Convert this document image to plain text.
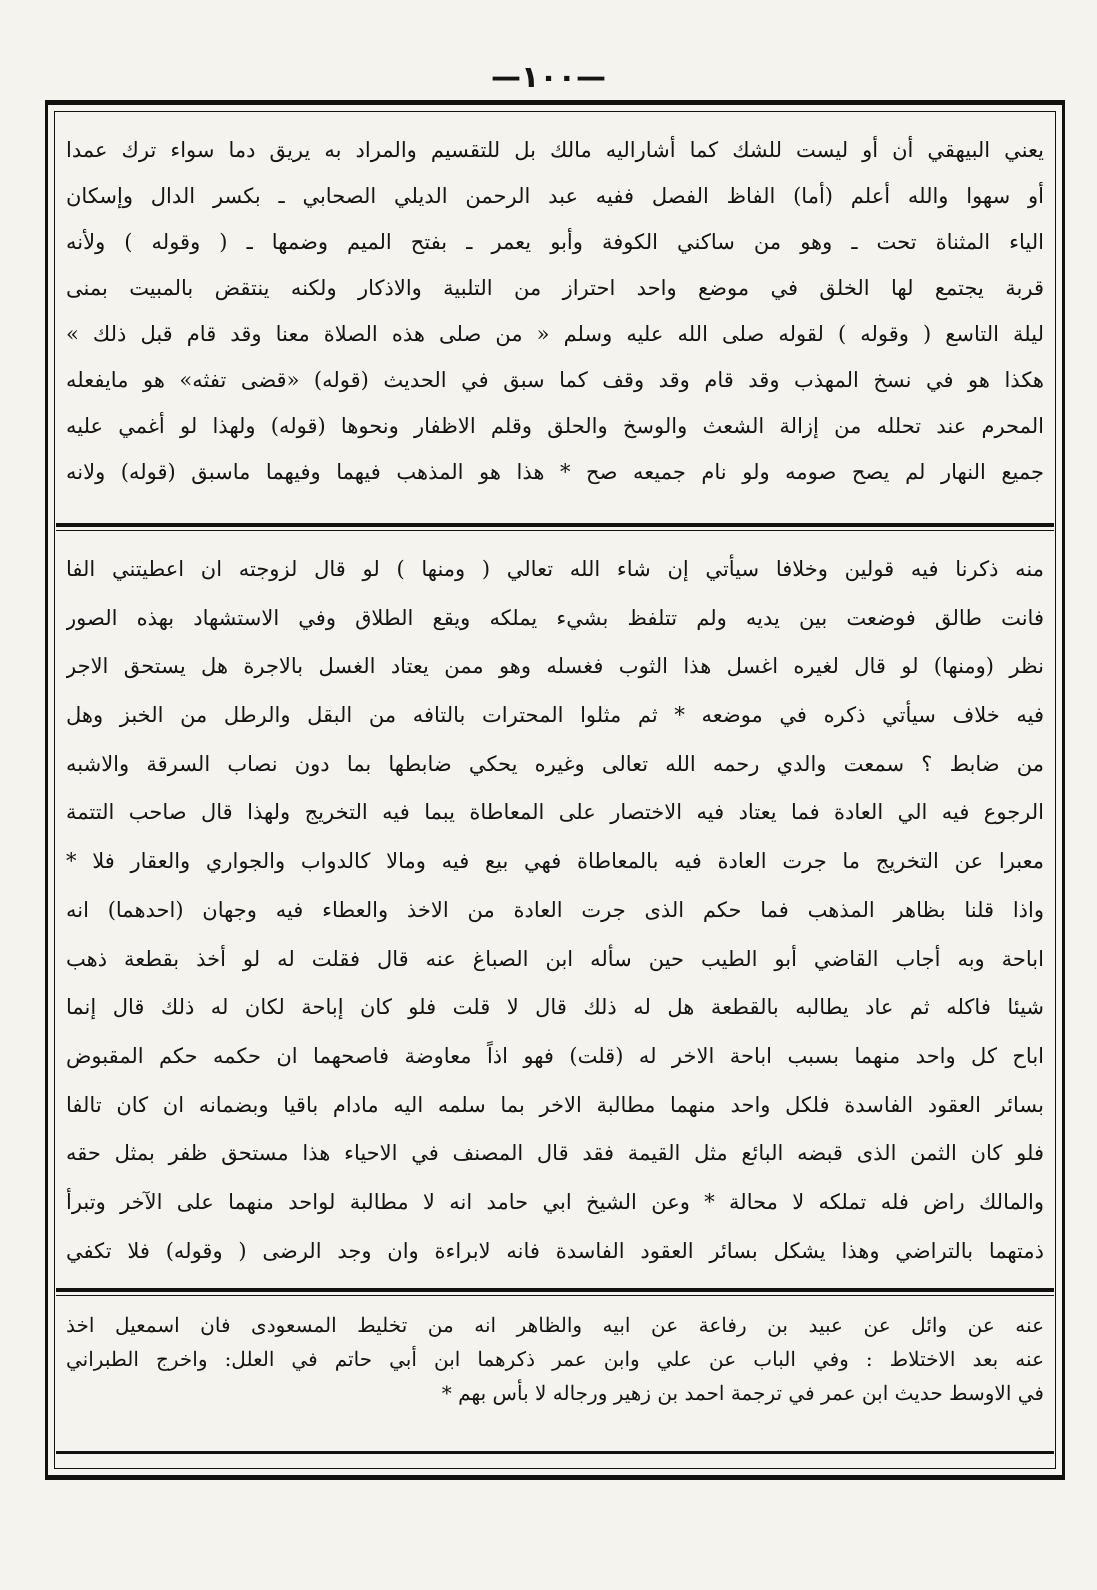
—١٠٠—
يعني البيهقي أن أو ليست للشك كما أشاراليه مالك بل للتقسيم والمراد به يريق دما سواء ترك عمدا
أو سهوا والله أعلم (أما) الفاظ الفصل ففيه عبد الرحمن الديلي الصحابي ـ بكسر الدال وإسكان
الياء المثناة تحت ـ وهو من ساكني الكوفة وأبو يعمر ـ بفتح الميم وضمها ـ ( وقوله ) ولأنه
قربة يجتمع لها الخلق في موضع واحد احتراز من التلبية والاذكار ولكنه ينتقض بالمبيت بمنى
ليلة التاسع ( وقوله ) لقوله صلى الله عليه وسلم « من صلى هذه الصلاة معنا وقد قام قبل ذلك »
هكذا هو في نسخ المهذب وقد قام وقد وقف كما سبق في الحديث (قوله) «قضى تفثه» هو مايفعله
المحرم عند تحلله من إزالة الشعث والوسخ والحلق وقلم الاظفار ونحوها (قوله) ولهذا لو أغمي عليه
جميع النهار لم يصح صومه ولو نام جميعه صح * هذا هو المذهب فيهما وفيهما ماسبق (قوله) ولانه
منه ذكرنا فيه قولين وخلافا سيأتي إن شاء الله تعالي ( ومنها ) لو قال لزوجته ان اعطيتني الفا
فانت طالق فوضعت بين يديه ولم تتلفظ بشيء يملكه ويقع الطلاق وفي الاستشهاد بهذه الصور
نظر (ومنها) لو قال لغيره اغسل هذا الثوب فغسله وهو ممن يعتاد الغسل بالاجرة هل يستحق الاجر
فيه خلاف سيأتي ذكره في موضعه * ثم مثلوا المحترات بالتافه من البقل والرطل من الخبز وهل
من ضابط ؟ سمعت والدي رحمه الله تعالى وغيره يحكي ضابطها بما دون نصاب السرقة والاشبه
الرجوع فيه الي العادة فما يعتاد فيه الاختصار على المعاطاة يبما فيه التخريج ولهذا قال صاحب التتمة
معبرا عن التخريج ما جرت العادة فيه بالمعاطاة فهي بيع فيه ومالا كالدواب والجواري والعقار فلا *
واذا قلنا بظاهر المذهب فما حكم الذى جرت العادة من الاخذ والعطاء فيه وجهان (احدهما) انه
اباحة وبه أجاب القاضي أبو الطيب حين سأله ابن الصباغ عنه قال فقلت له لو أخذ بقطعة ذهب
شيئا فاكله ثم عاد يطالبه بالقطعة هل له ذلك قال لا قلت فلو كان إباحة لكان له ذلك قال إنما
اباح كل واحد منهما بسبب اباحة الاخر له (قلت) فهو اذاً معاوضة فاصحهما ان حكمه حكم المقبوض
بسائر العقود الفاسدة فلكل واحد منهما مطالبة الاخر بما سلمه اليه مادام باقيا وبضمانه ان كان تالفا
فلو كان الثمن الذى قبضه البائع مثل القيمة فقد قال المصنف في الاحياء هذا مستحق ظفر بمثل حقه
والمالك راض فله تملكه لا محالة * وعن الشيخ ابي حامد انه لا مطالبة لواحد منهما على الآخر وتبرأ
ذمتهما بالتراضي وهذا يشكل بسائر العقود الفاسدة فانه لابراءة وان وجد الرضى ( وقوله) فلا تكفي
عنه عن وائل عن عبيد بن رفاعة عن ابيه والظاهر انه من تخليط المسعودى فان اسمعيل اخذ
عنه بعد الاختلاط : وفي الباب عن علي وابن عمر ذكرهما ابن أبي حاتم في العلل: واخرج الطبراني
في الاوسط حديث ابن عمر في ترجمة احمد بن زهير ورجاله لا بأس بهم *
